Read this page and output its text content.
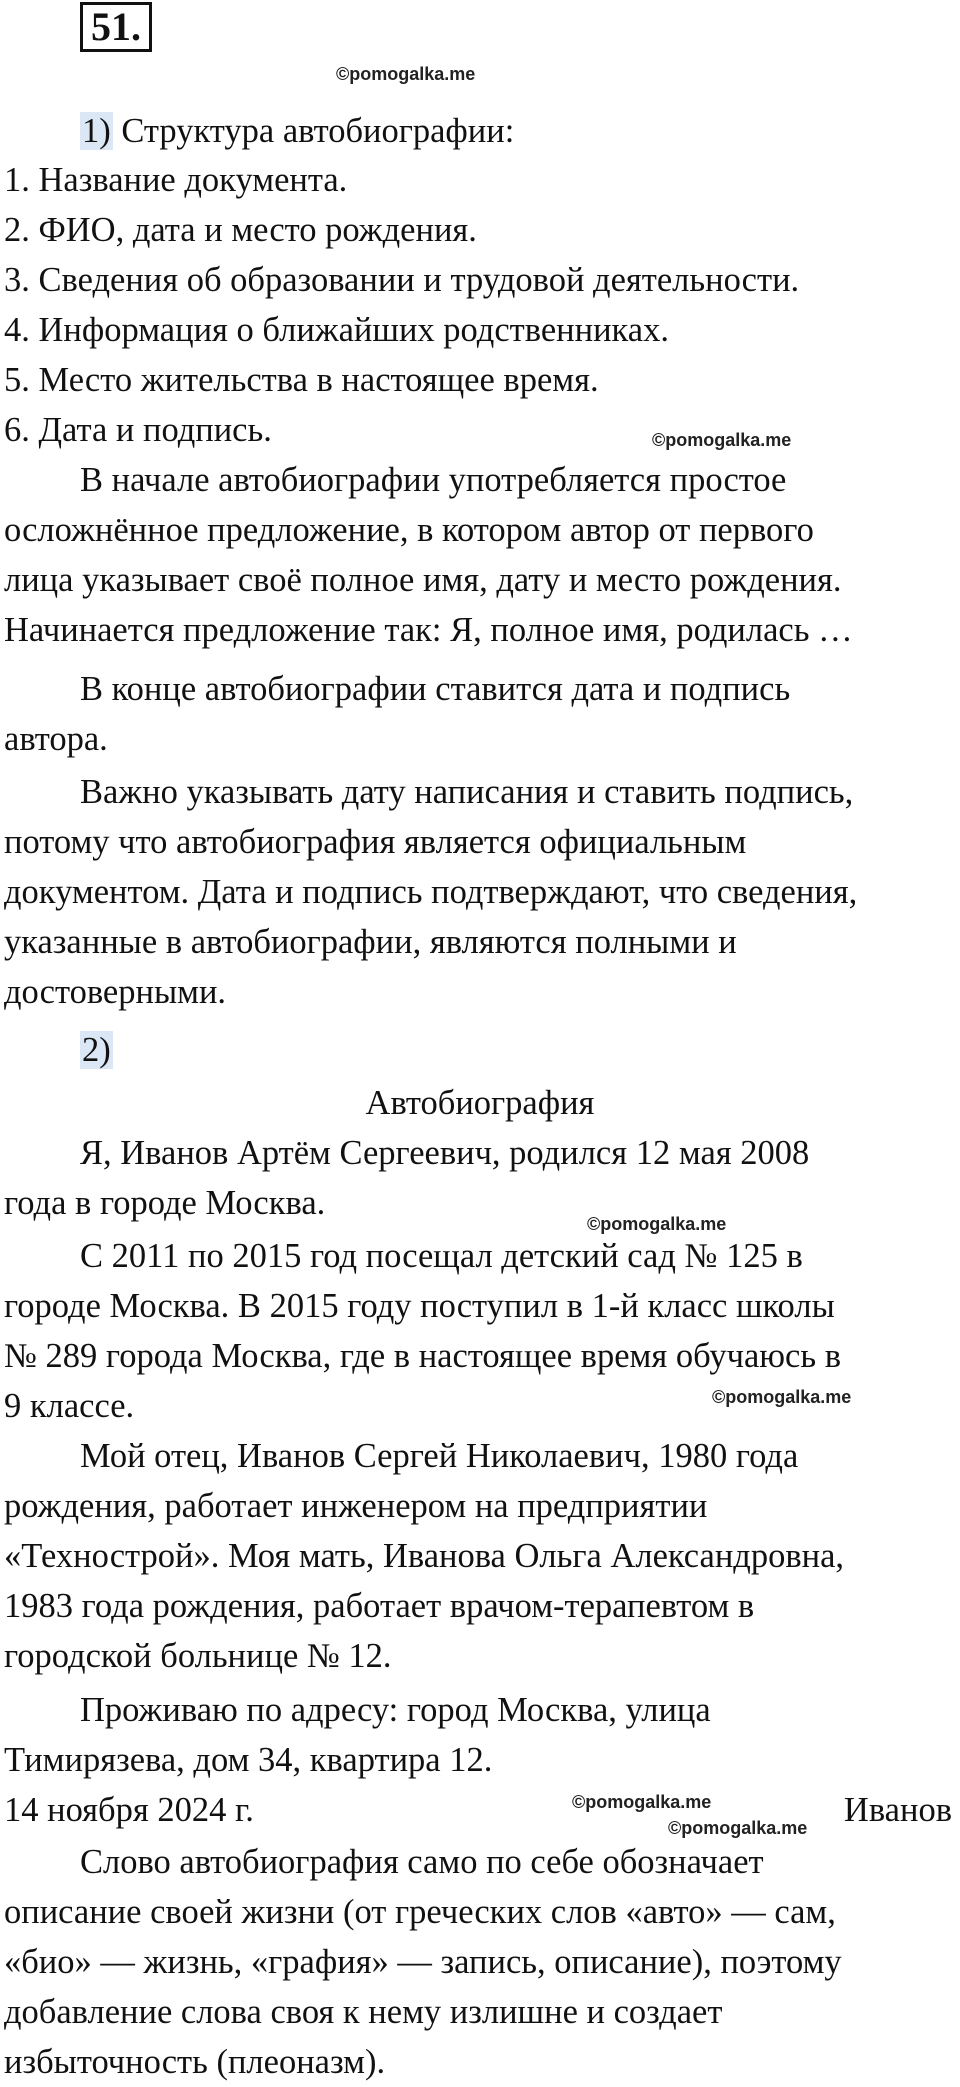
51.
©pomogalka.me
1) Структура автобиографии:
1. Название документа.
2. ФИО, дата и место рождения.
3. Сведения об образовании и трудовой деятельности.
4. Информация о ближайших родственниках.
5. Место жительства в настоящее время.
6. Дата и подпись.	©pomogalka.me
В начале автобиографии употребляется простое
осложнённое предложение, в котором автор от первого
лица указывает своё полное имя, дату и место рождения.
Начинается предложение так: Я, полное имя, родилась …
В конце автобиографии ставится дата и подпись
автора.
Важно указывать дату написания и ставить подпись,
потому что автобиография является официальным
документом. Дата и подпись подтверждают, что сведения,
указанные в автобиографии, являются полными и
достоверными.
2)
Автобиография
Я, Иванов Артём Сергеевич, родился 12 мая 2008
года в городе Москва.
©pomogalka.me
С 2011 по 2015 год посещал детский сад № 125 в
городе Москва. В 2015 году поступил в 1-й класс школы
№ 289 города Москва, где в настоящее время обучаюсь в
9 классе.	©pomogalka.me
Мой отец, Иванов Сергей Николаевич, 1980 года
рождения, работает инженером на предприятии
«Технострой». Моя мать, Иванова Ольга Александровна,
1983 года рождения, работает врачом-терапевтом в
городской больнице № 12.
Проживаю по адресу: город Москва, улица
Тимирязева, дом 34, квартира 12.
14 ноября 2024 г.	©pomogalka.me
©pomogalka.me Иванов
Слово автобиография само по себе обозначает
описание своей жизни (от греческих слов «авто» — сам,
«био» — жизнь, «графия» — запись, описание), поэтому
добавление слова своя к нему излишне и создает
избыточность (плеоназм).
